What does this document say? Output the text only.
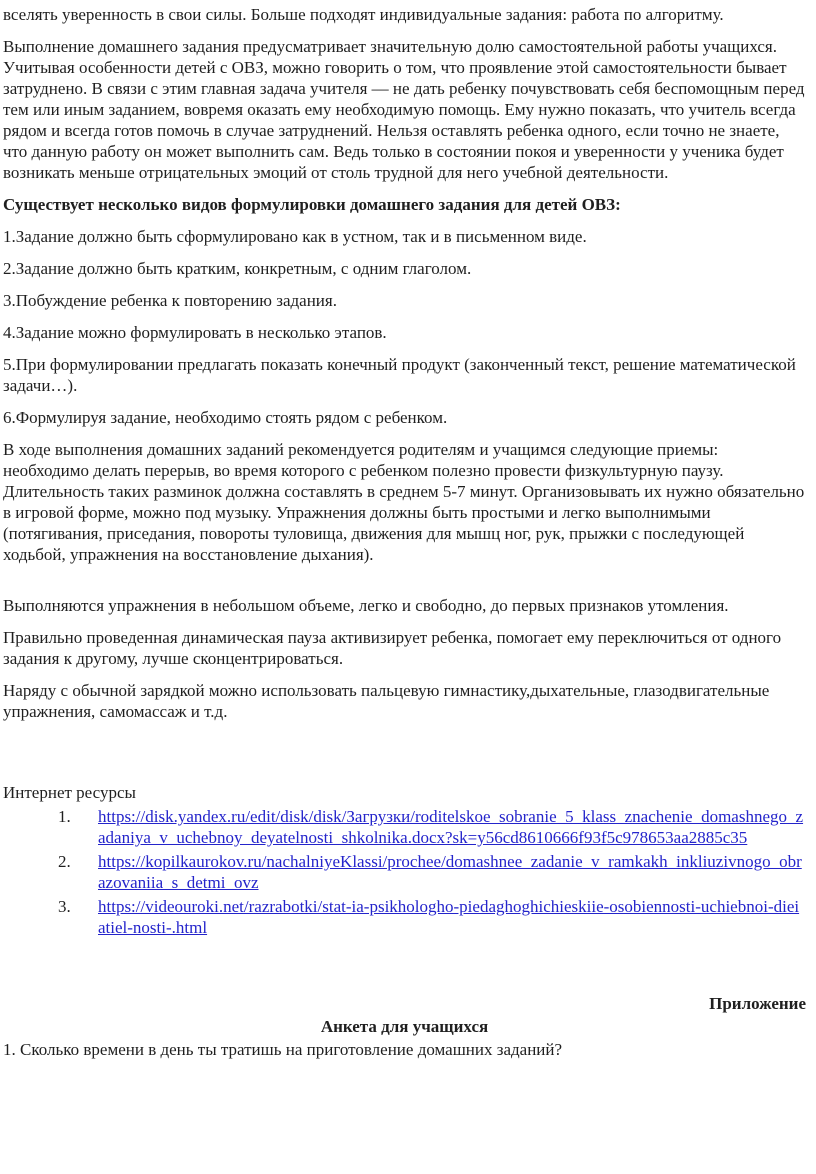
вселять уверенность в свои силы. Больше подходят индивидуальные задания: работа по алгоритму.

Выполнение домашнего задания предусматривает значительную долю самостоятельной работы учащихся. Учитывая особенности детей с ОВЗ, можно говорить о том, что проявление этой самостоятельности бывает затруднено. В связи с этим главная задача учителя — не дать ребенку почувствовать себя беспомощным перед тем или иным заданием, вовремя оказать ему необходимую помощь. Ему нужно показать, что учитель всегда рядом и всегда готов помочь в случае затруднений. Нельзя оставлять ребенка одного, если точно не знаете, что данную работу он может выполнить сам. Ведь только в состоянии покоя и уверенности у ученика будет возникать меньше отрицательных эмоций от столь трудной для него учебной деятельности.

Существует несколько видов формулировки домашнего задания для детей ОВЗ:

1.Задание должно быть сформулировано как в устном, так и в письменном виде.

2.Задание должно быть кратким, конкретным, с одним глаголом.

3.Побуждение ребенка к повторению задания.

4.Задание можно формулировать в несколько этапов.

5.При формулировании предлагать показать конечный продукт (законченный текст, решение математической задачи…).

6.Формулируя задание, необходимо стоять рядом с ребенком.

В ходе выполнения домашних заданий рекомендуется родителям и учащимся следующие приемы: необходимо делать перерыв, во время которого с ребенком полезно провести физкультурную паузу. Длительность таких разминок должна составлять в среднем 5-7 минут. Организовывать их нужно обязательно в игровой форме, можно под музыку. Упражнения должны быть простыми и легко выполнимыми (потягивания, приседания, повороты туловища, движения для мышц ног, рук, прыжки с последующей ходьбой, упражнения на восстановление дыхания).

Выполняются упражнения в небольшом объеме, легко и свободно, до первых признаков утомления.

Правильно проведенная динамическая пауза активизирует ребенка, помогает ему переключиться от одного задания к другому, лучше сконцентрироваться.

Наряду с обычной зарядкой можно использовать пальцевую гимнастику,дыхательные, глазодвигательные упражнения, самомассаж и т.д.

Интернет ресурсы

1. https://disk.yandex.ru/edit/disk/disk/Загрузки/roditelskoe_sobranie_5_klass_znachenie_domashnego_zadaniya_v_uchebnoy_deyatelnosti_shkolnika.docx?sk=y56cd8610666f93f5c978653aa2885c35
2. https://kopilkaurokov.ru/nachalniyeKlassi/prochee/domashnee_zadanie_v_ramkakh_inkliuzivnogo_obrazovaniia_s_detmi_ovz
3. https://videouroki.net/razrabotki/stat-ia-psikhologho-piedaghoghichieskiie-osobiennosti-uchiebnoi-dieiatiel-nosti-.html

Приложение

Анкета для учащихся

1. Сколько времени в день ты тратишь на приготовление домашних заданий?
